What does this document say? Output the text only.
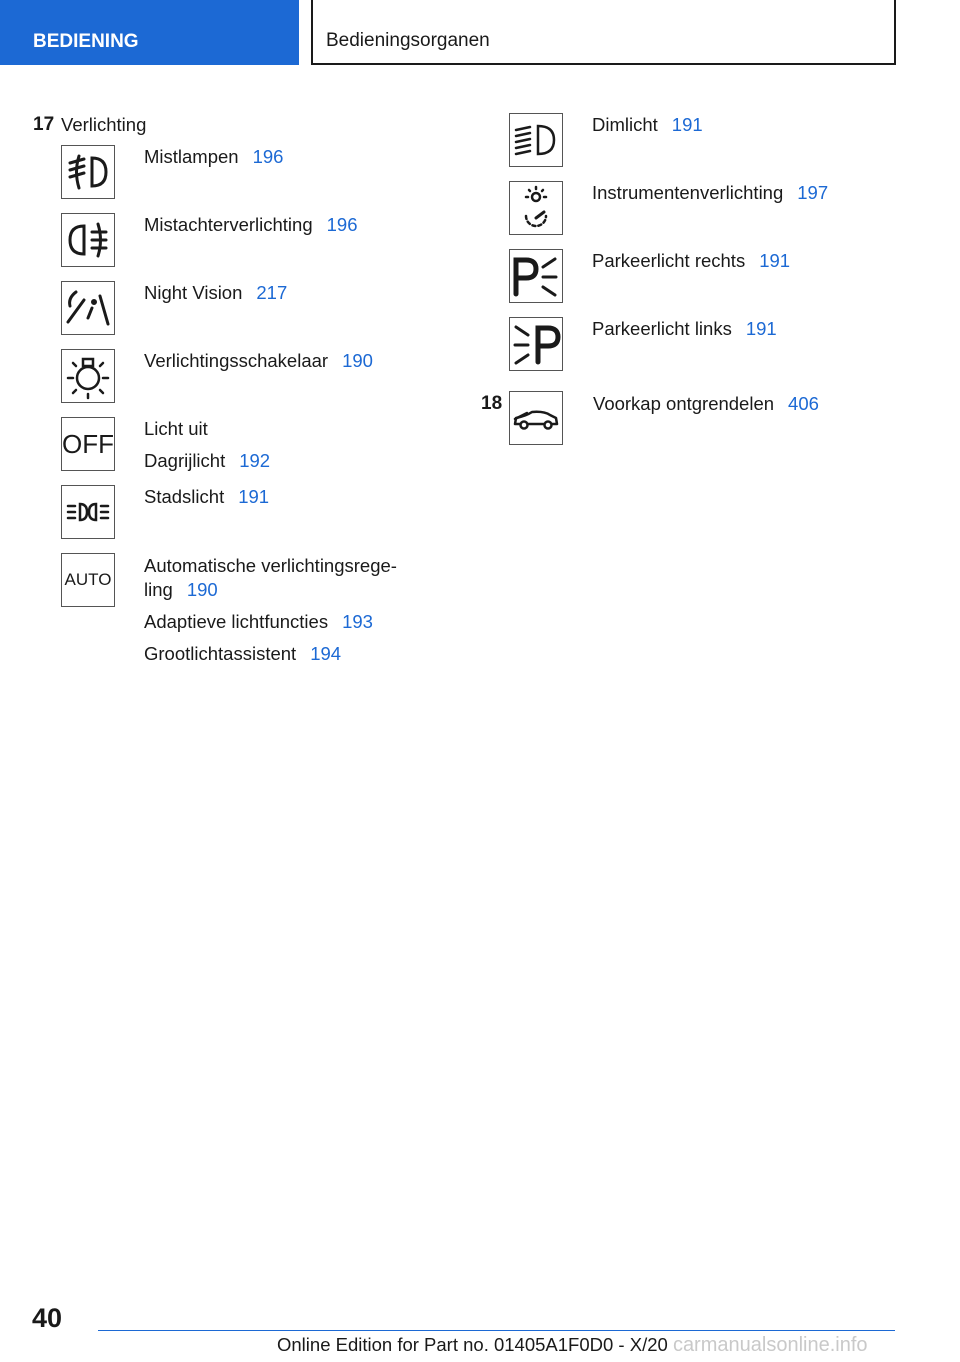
BEDIENING	Bedieningsorganen
17 Verlichting
Mistlampen 196
Mistachterverlichting 196
Night Vision 217
Verlichtingsschakelaar 190
OFF Licht uit
Dagrijlicht 192
Stadslicht 191
AUTO
Automatische verlichtingsrege-
ling 190
Adaptieve lichtfuncties 193
Grootlichtassistent 194
Dimlicht 191
Instrumentenverlichting 197
Parkeerlicht rechts 191
Parkeerlicht links 191
18	Voorkap ontgrendelen 406
40
Online Edition for Part no. 01405A1F0D0 - X/20 carmanualsonline.info
